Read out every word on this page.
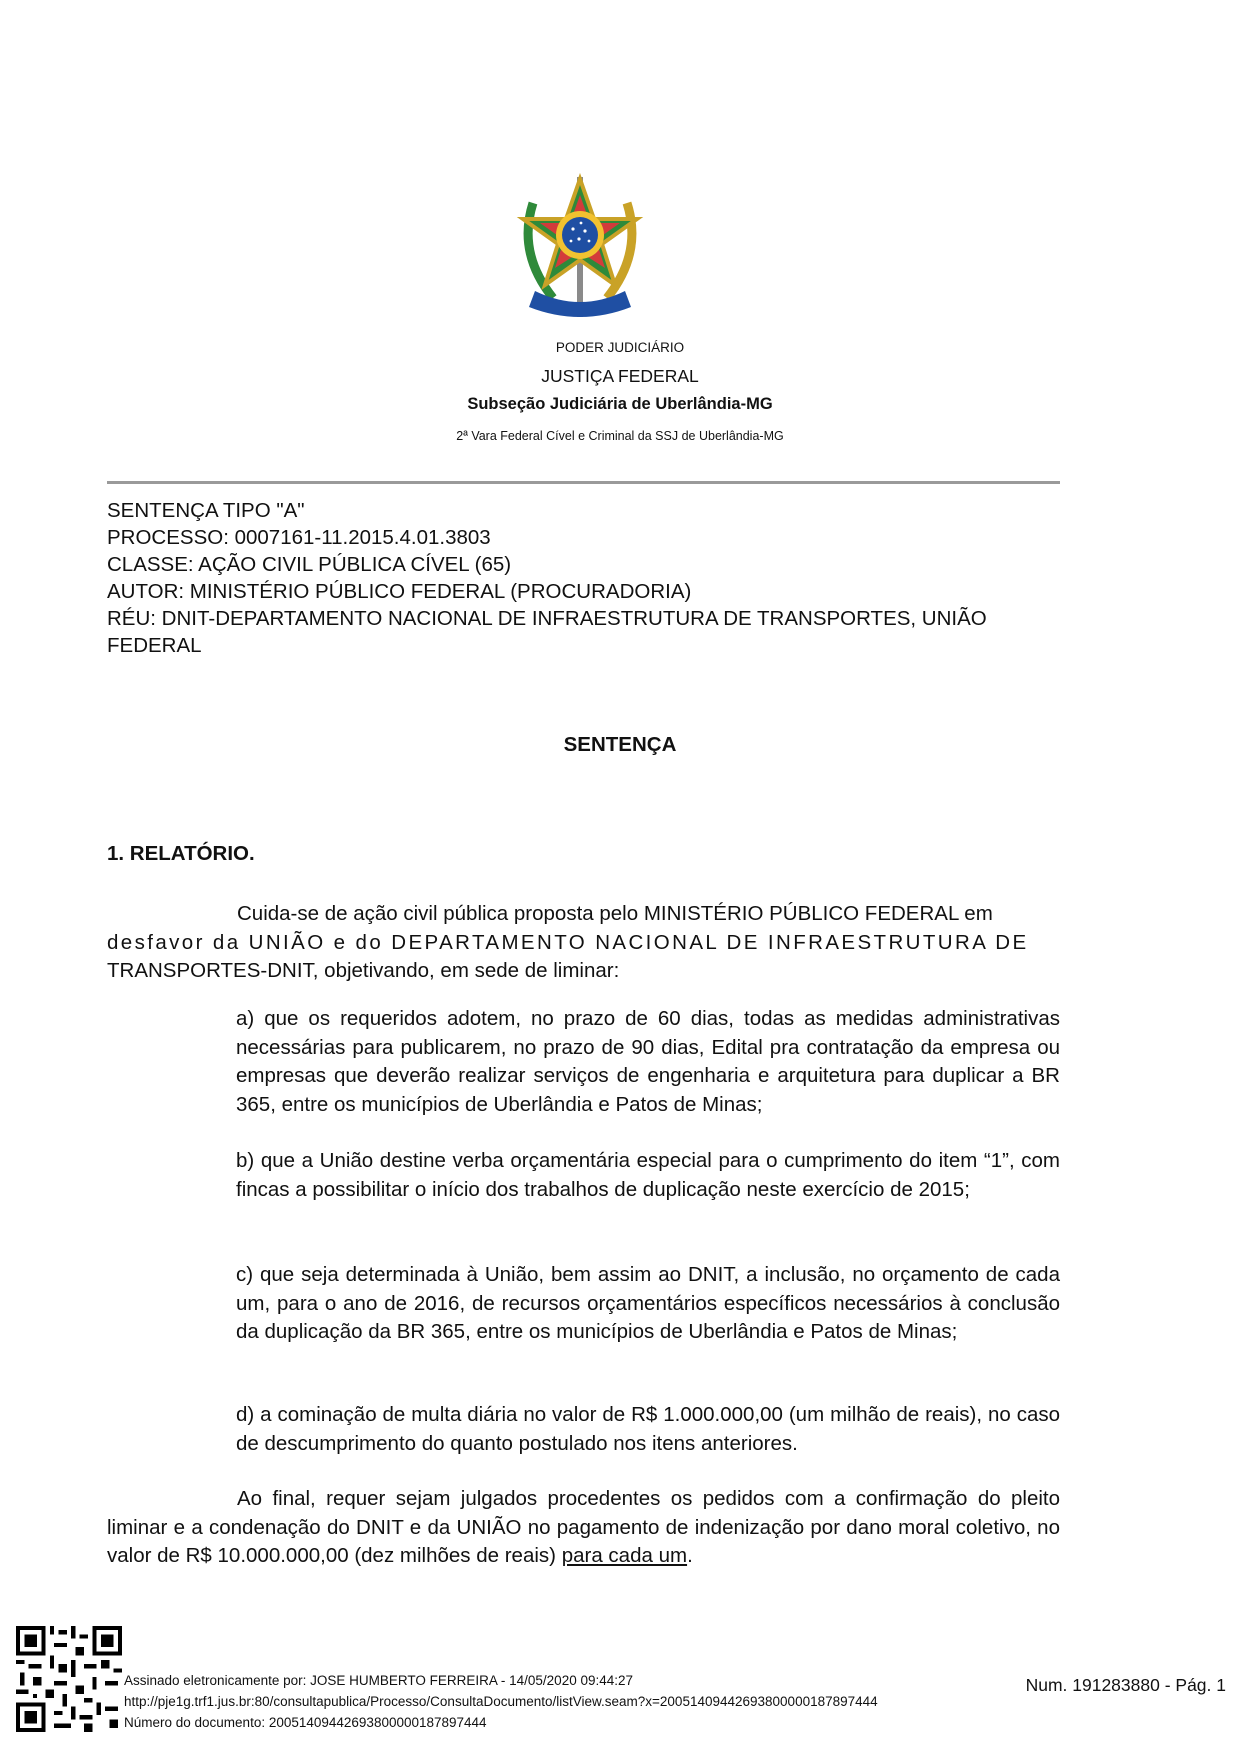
PODER JUDICIÁRIO
JUSTIÇA FEDERAL
Subseção Judiciária de Uberlândia-MG
2ª Vara Federal Cível e Criminal da SSJ de Uberlândia-MG
SENTENÇA TIPO "A"
PROCESSO: 0007161-11.2015.4.01.3803
CLASSE: AÇÃO CIVIL PÚBLICA CÍVEL (65)
AUTOR: MINISTÉRIO PÚBLICO FEDERAL (PROCURADORIA)
RÉU: DNIT-DEPARTAMENTO NACIONAL DE INFRAESTRUTURA DE TRANSPORTES, UNIÃO
FEDERAL
SENTENÇA
1. RELATÓRIO.
Cuida-se de ação civil pública proposta pelo MINISTÉRIO PÚBLICO FEDERAL em
desfavor da UNIÃO e do DEPARTAMENTO NACIONAL DE INFRAESTRUTURA DE
TRANSPORTES-DNIT, objetivando, em sede de liminar:

a) que os requeridos adotem, no prazo de 60 dias, todas as medidas administrativas necessárias para publicarem, no prazo de 90 dias, Edital pra contratação da empresa ou empresas que deverão realizar serviços de engenharia e arquitetura para duplicar a BR 365, entre os municípios de Uberlândia e Patos de Minas;

b) que a União destine verba orçamentária especial para o cumprimento do item “1”, com fincas a possibilitar o início dos trabalhos de duplicação neste exercício de 2015;

c) que seja determinada à União, bem assim ao DNIT, a inclusão, no orçamento de cada um, para o ano de 2016, de recursos orçamentários específicos necessários à conclusão da duplicação da BR 365, entre os municípios de Uberlândia e Patos de Minas;

d) a cominação de multa diária no valor de R$ 1.000.000,00 (um milhão de reais), no caso de descumprimento do quanto postulado nos itens anteriores.

Ao final, requer sejam julgados procedentes os pedidos com a confirmação do pleito liminar e a condenação do DNIT e da UNIÃO no pagamento de indenização por dano moral coletivo, no valor de R$ 10.000.000,00 (dez milhões de reais) para cada um.

Assinado eletronicamente por: JOSE HUMBERTO FERREIRA - 14/05/2020 09:44:27
http://pje1g.trf1.jus.br:80/consultapublica/Processo/ConsultaDocumento/listView.seam?x=20051409442693800000187897444
Número do documento: 20051409442693800000187897444
Num. 191283880 - Pág. 1
